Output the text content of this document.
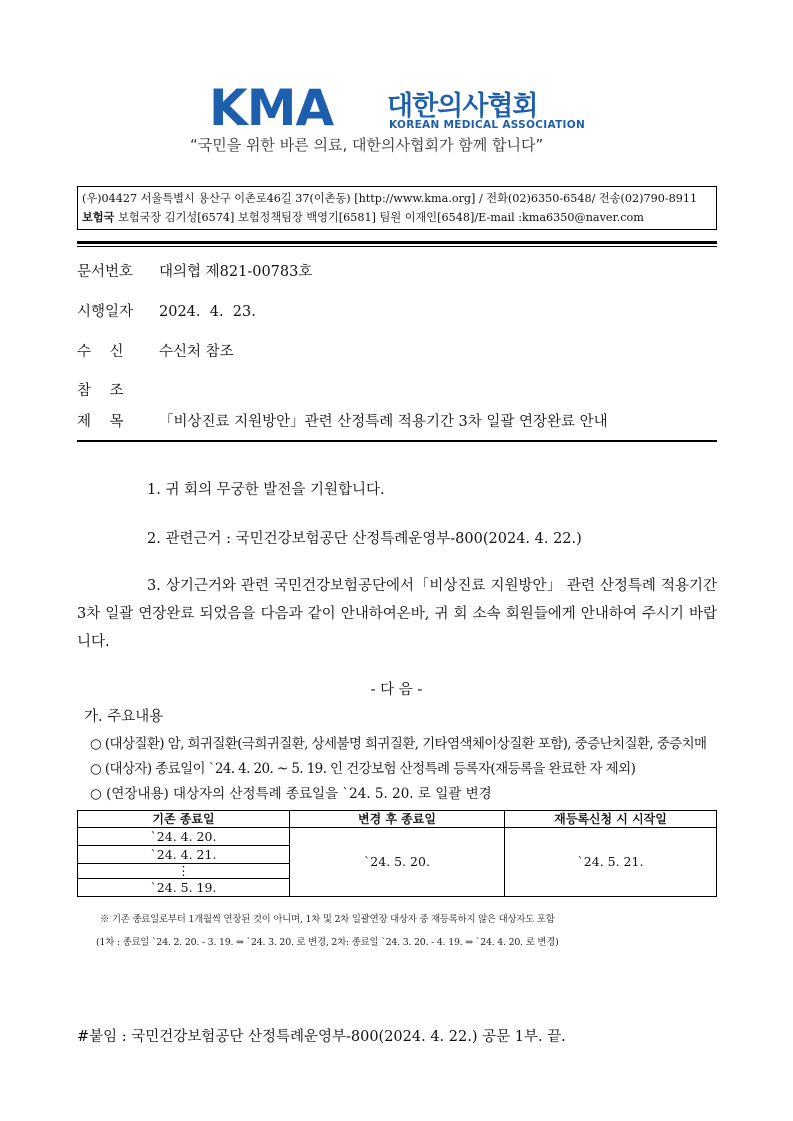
KMA 대한의사협회
KOREAN MEDICAL ASSOCIATION
“국민을 위한 바른 의료, 대한의사협회가 함께 합니다”
(우)04427 서울특별시 용산구 이촌로46길 37(이촌동) [http://www.kma.org] / 전화(02)6350-6548/ 전송(02)790-8911
보험국 보험국장 김기성[6574] 보험정책팀장 백영기[6581] 팀원 이재인[6548]/E-mail :kma6350@naver.com
문서번호 대의협 제821-00783호
시행일자 2024.  4.  23.
수    신 수신처 참조
참    조
제    목 「비상진료 지원방안」관련 산정특례 적용기간 3차 일괄 연장완료 안내
1. 귀 회의 무궁한 발전을 기원합니다.
2. 관련근거 : 국민건강보험공단 산정특례운영부-800(2024. 4. 22.)
3. 상기근거와 관련 국민건강보험공단에서「비상진료 지원방안」 관련 산정특례 적용기간 3차 일괄 연장완료 되었음을 다음과 같이 안내하여온바, 귀 회 소속 회원들에게 안내하여 주시기 바랍니다.
- 다 음 -
가. 주요내용
○ (대상질환) 암, 희귀질환(극희귀질환, 상세불명 희귀질환, 기타염색체이상질환 포함), 중증난치질환, 중증치매
○ (대상자) 종료일이 `24. 4. 20. ~ 5. 19. 인 건강보험 산정특례 등록자(재등록을 완료한 자 제외)
○ (연장내용) 대상자의 산정특례 종료일을 `24. 5. 20. 로 일괄 변경
기존 종료일	변경 후 종료일	재등록신청 시 시작일
`24. 4. 20.	`24. 5. 20.	`24. 5. 21.
`24. 4. 21.		
⋮		
`24. 5. 19.		
※ 기존 종료일로부터 1개월씩 연장된 것이 아니며, 1차 및 2차 일괄연장 대상자 중 재등록하지 않은 대상자도 포함
(1차 : 종료일 `24. 2. 20. - 3. 19. ⇒ `24. 3. 20. 로 변경, 2차: 종료일 `24. 3. 20. - 4. 19. ⇒ `24. 4. 20. 로 변경)
#붙임 : 국민건강보험공단 산정특례운영부-800(2024. 4. 22.) 공문 1부. 끝.
